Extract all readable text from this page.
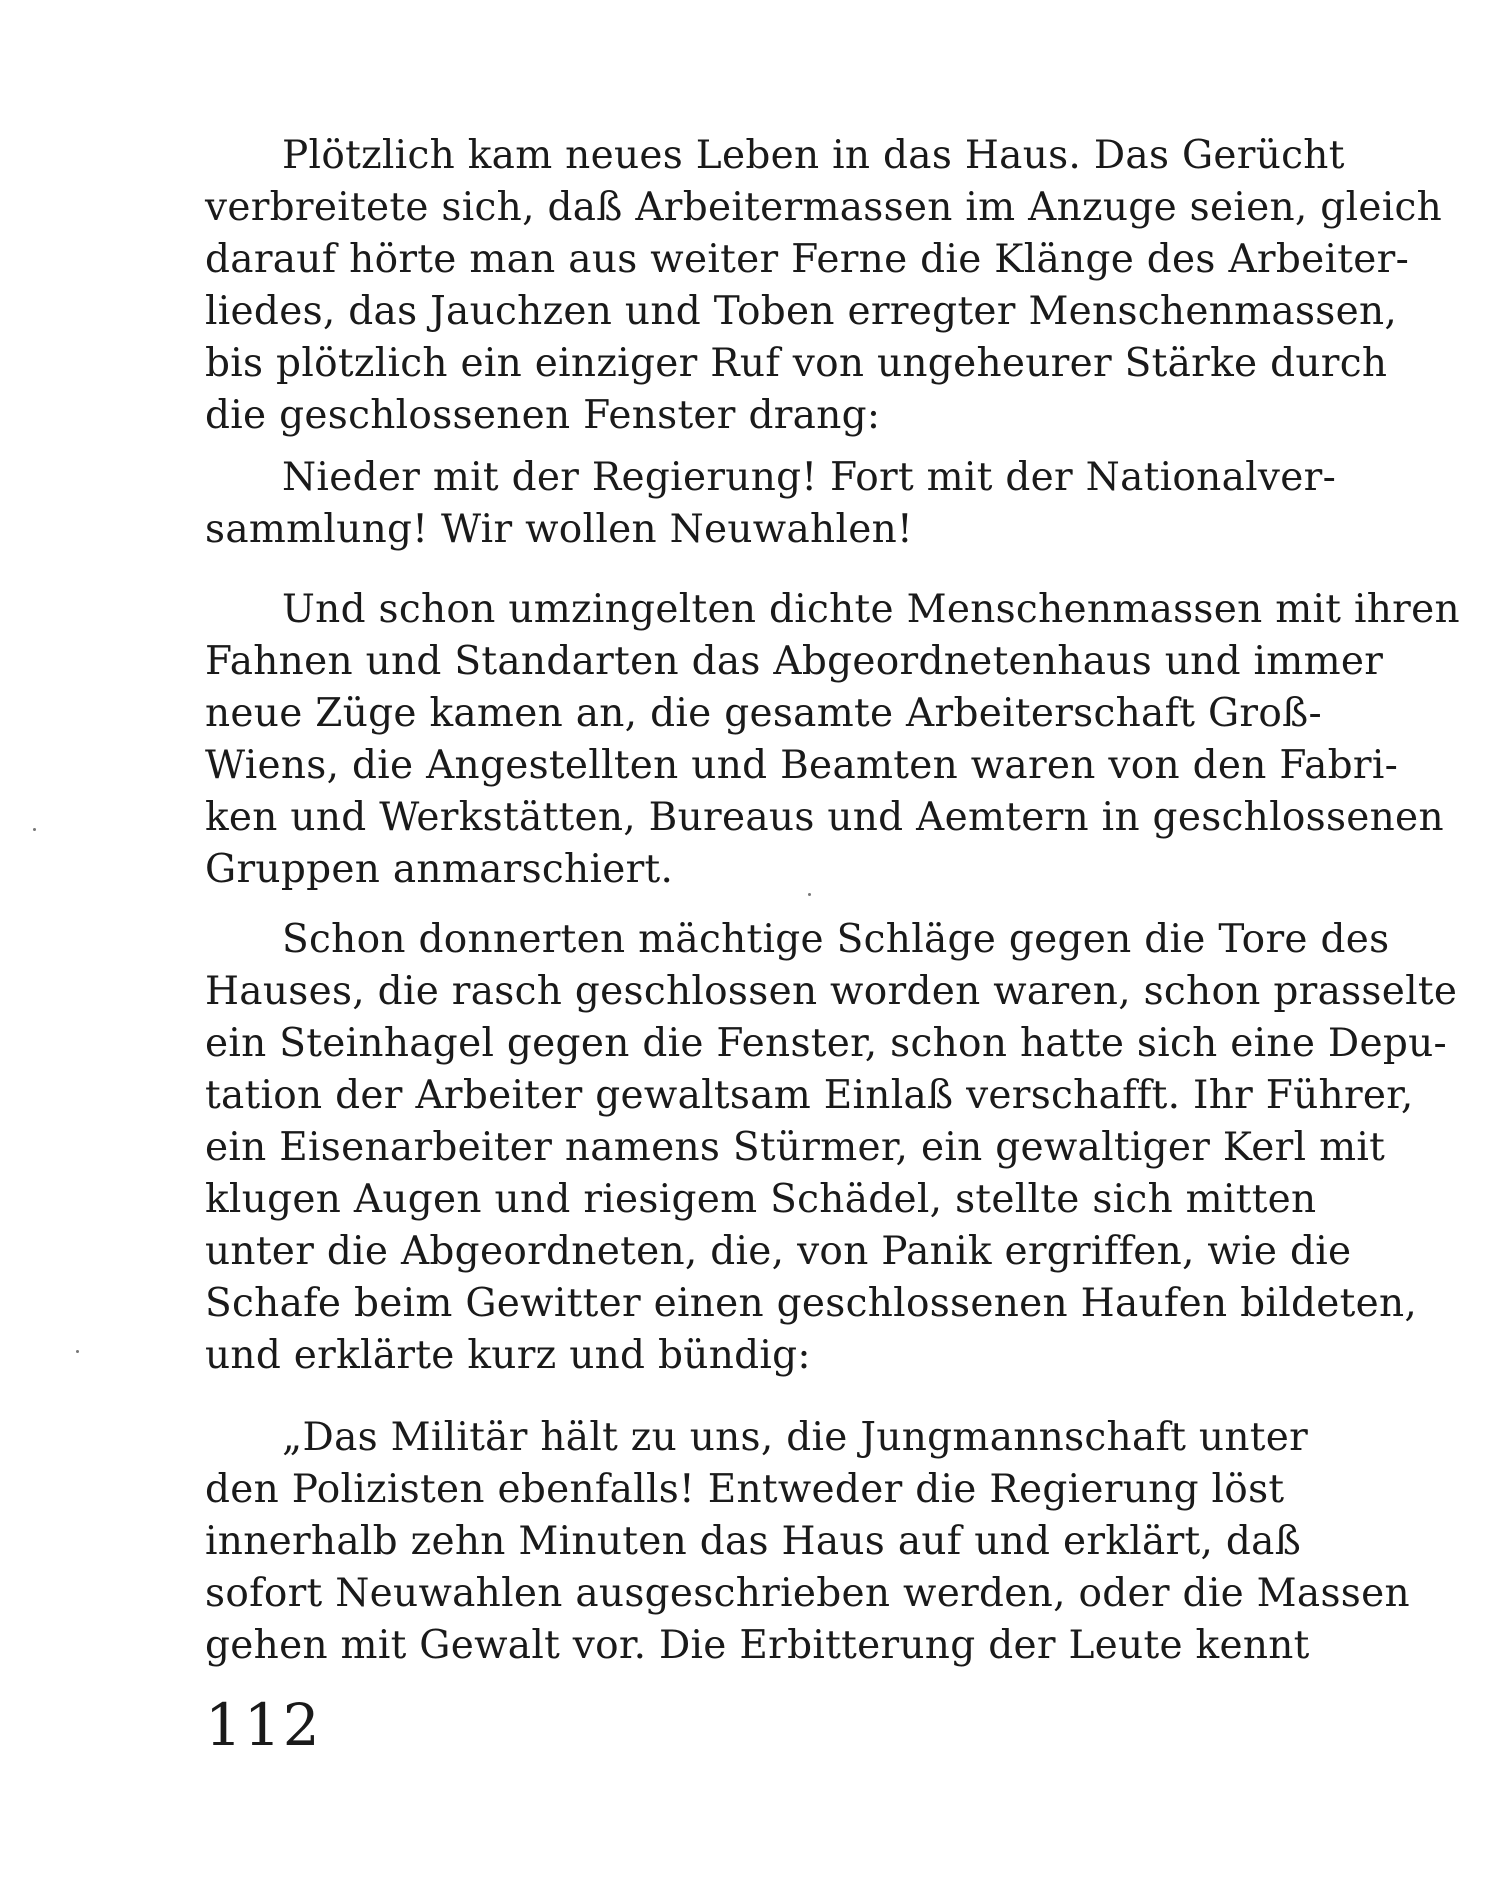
Plötzlich kam neues Leben in das Haus. Das Gerücht
verbreitete sich, daß Arbeitermassen im Anzuge seien, gleich
darauf hörte man aus weiter Ferne die Klänge des Arbeiter-
liedes, das Jauchzen und Toben erregter Menschenmassen,
bis plötzlich ein einziger Ruf von ungeheurer Stärke durch
die geschlossenen Fenster drang:
Nieder mit der Regierung! Fort mit der Nationalver-
sammlung! Wir wollen Neuwahlen!
Und schon umzingelten dichte Menschenmassen mit ihren
Fahnen und Standarten das Abgeordnetenhaus und immer
neue Züge kamen an, die gesamte Arbeiterschaft Groß-
Wiens, die Angestellten und Beamten waren von den Fabri-
ken und Werkstätten, Bureaus und Aemtern in geschlossenen
Gruppen anmarschiert.
Schon donnerten mächtige Schläge gegen die Tore des
Hauses, die rasch geschlossen worden waren, schon prasselte
ein Steinhagel gegen die Fenster, schon hatte sich eine Depu-
tation der Arbeiter gewaltsam Einlaß verschafft. Ihr Führer,
ein Eisenarbeiter namens Stürmer, ein gewaltiger Kerl mit
klugen Augen und riesigem Schädel, stellte sich mitten
unter die Abgeordneten, die, von Panik ergriffen, wie die
Schafe beim Gewitter einen geschlossenen Haufen bildeten,
und erklärte kurz und bündig:
„Das Militär hält zu uns, die Jungmannschaft unter
den Polizisten ebenfalls! Entweder die Regierung löst
innerhalb zehn Minuten das Haus auf und erklärt, daß
sofort Neuwahlen ausgeschrieben werden, oder die Massen
gehen mit Gewalt vor. Die Erbitterung der Leute kennt
112
